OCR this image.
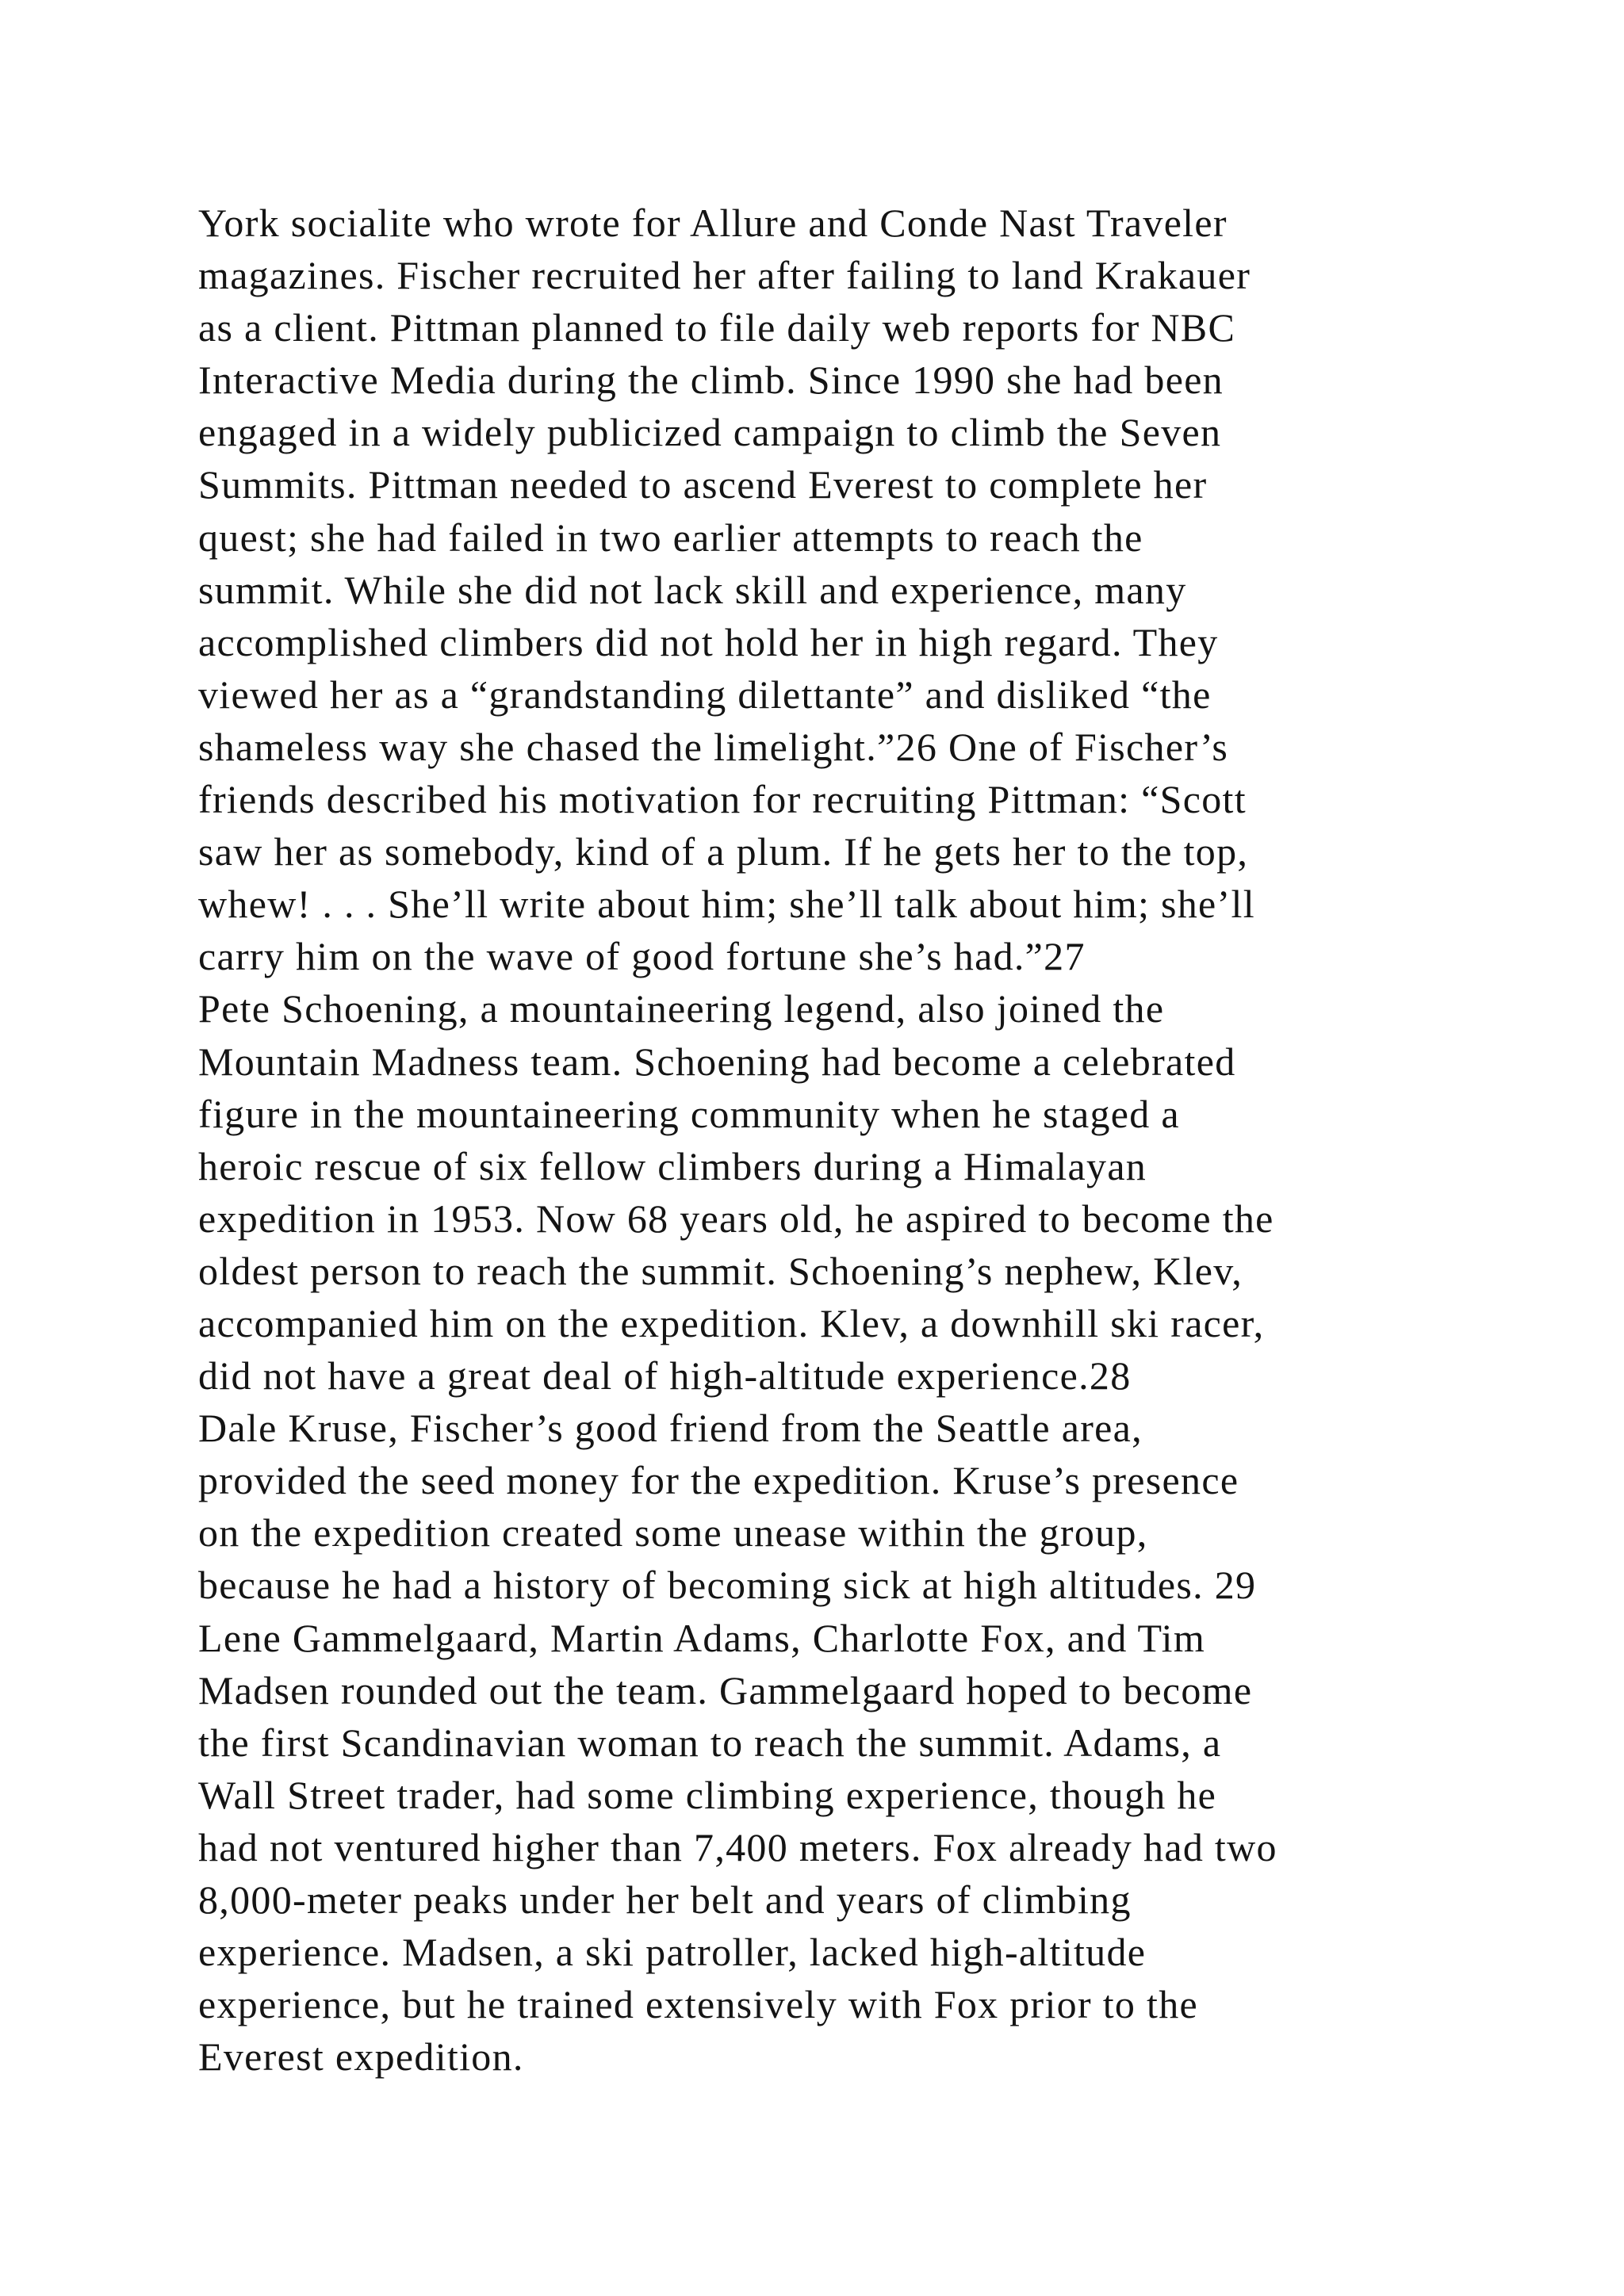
York socialite who wrote for Allure and Conde Nast Traveler
magazines. Fischer recruited her after failing to land Krakauer
as a client. Pittman planned to file daily web reports for NBC
Interactive Media during the climb. Since 1990 she had been
engaged in a widely publicized campaign to climb the Seven
Summits. Pittman needed to ascend Everest to complete her
quest; she had failed in two earlier attempts to reach the
summit. While she did not lack skill and experience, many
accomplished climbers did not hold her in high regard. They
viewed her as a “grandstanding dilettante” and disliked “the
shameless way she chased the limelight.”26 One of Fischer’s
friends described his motivation for recruiting Pittman: “Scott
saw her as somebody, kind of a plum. If he gets her to the top,
whew! . . . She’ll write about him; she’ll talk about him; she’ll
carry him on the wave of good fortune she’s had.”27
Pete Schoening, a mountaineering legend, also joined the
Mountain Madness team. Schoening had become a celebrated
figure in the mountaineering community when he staged a
heroic rescue of six fellow climbers during a Himalayan
expedition in 1953. Now 68 years old, he aspired to become the
oldest person to reach the summit. Schoening’s nephew, Klev,
accompanied him on the expedition. Klev, a downhill ski racer,
did not have a great deal of high-altitude experience.28
Dale Kruse, Fischer’s good friend from the Seattle area,
provided the seed money for the expedition. Kruse’s presence
on the expedition created some unease within the group,
because he had a history of becoming sick at high altitudes. 29
Lene Gammelgaard, Martin Adams, Charlotte Fox, and Tim
Madsen rounded out the team. Gammelgaard hoped to become
the first Scandinavian woman to reach the summit. Adams, a
Wall Street trader, had some climbing experience, though he
had not ventured higher than 7,400 meters. Fox already had two
8,000-meter peaks under her belt and years of climbing
experience. Madsen, a ski patroller, lacked high-altitude
experience, but he trained extensively with Fox prior to the
Everest expedition.
